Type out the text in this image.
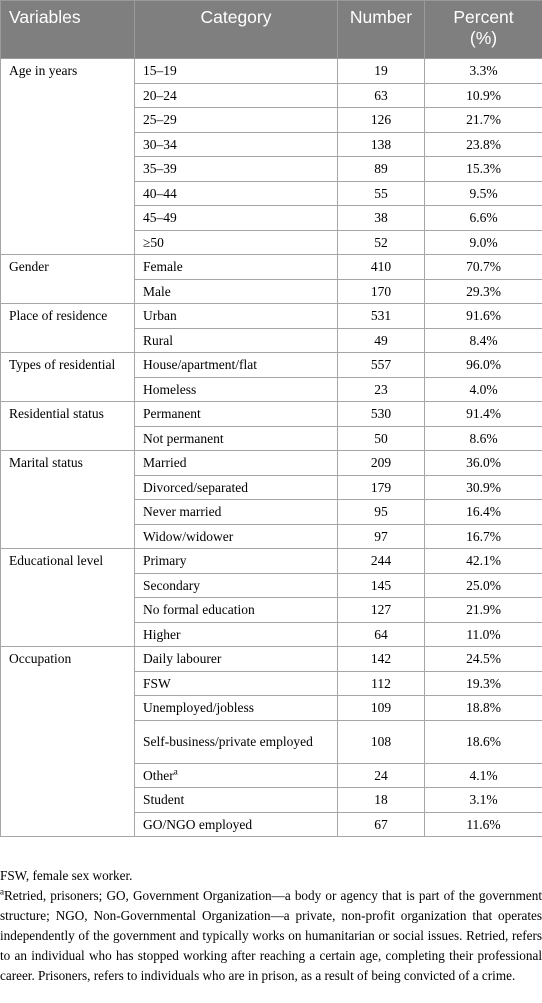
Variables	Category	Number	Percent
(%)
Age in years	15–19	19	3.3%
	20–24	63	10.9%
	25–29	126	21.7%
	30–34	138	23.8%
	35–39	89	15.3%
	40–44	55	9.5%
	45–49	38	6.6%
	≥50	52	9.0%
Gender	Female	410	70.7%
	Male	170	29.3%
Place of residence	Urban	531	91.6%
	Rural	49	8.4%
Types of residential	House/apartment/flat	557	96.0%
	Homeless	23	4.0%
Residential status	Permanent	530	91.4%
	Not permanent	50	8.6%
Marital status	Married	209	36.0%
	Divorced/separated	179	30.9%
	Never married	95	16.4%
	Widow/widower	97	16.7%
Educational level	Primary	244	42.1%
	Secondary	145	25.0%
	No formal education	127	21.9%
	Higher	64	11.0%
Occupation	Daily labourer	142	24.5%
	FSW	112	19.3%
	Unemployed/jobless	109	18.8%
	Self-business/private employed	108	18.6%
	Other$^a$	24	4.1%
	Student	18	3.1%
	GO/NGO employed	67	11.6%

FSW, female sex worker.

$^a$Retried, prisoners; GO, Government Organization—a body or agency that is part of the government structure; NGO, Non-Governmental Organization—a private, non-profit organization that operates independently of the government and typically works on humanitarian or social issues. Retried, refers to an individual who has stopped working after reaching a certain age, completing their professional career. Prisoners, refers to individuals who are in prison, as a result of being convicted of a crime.
